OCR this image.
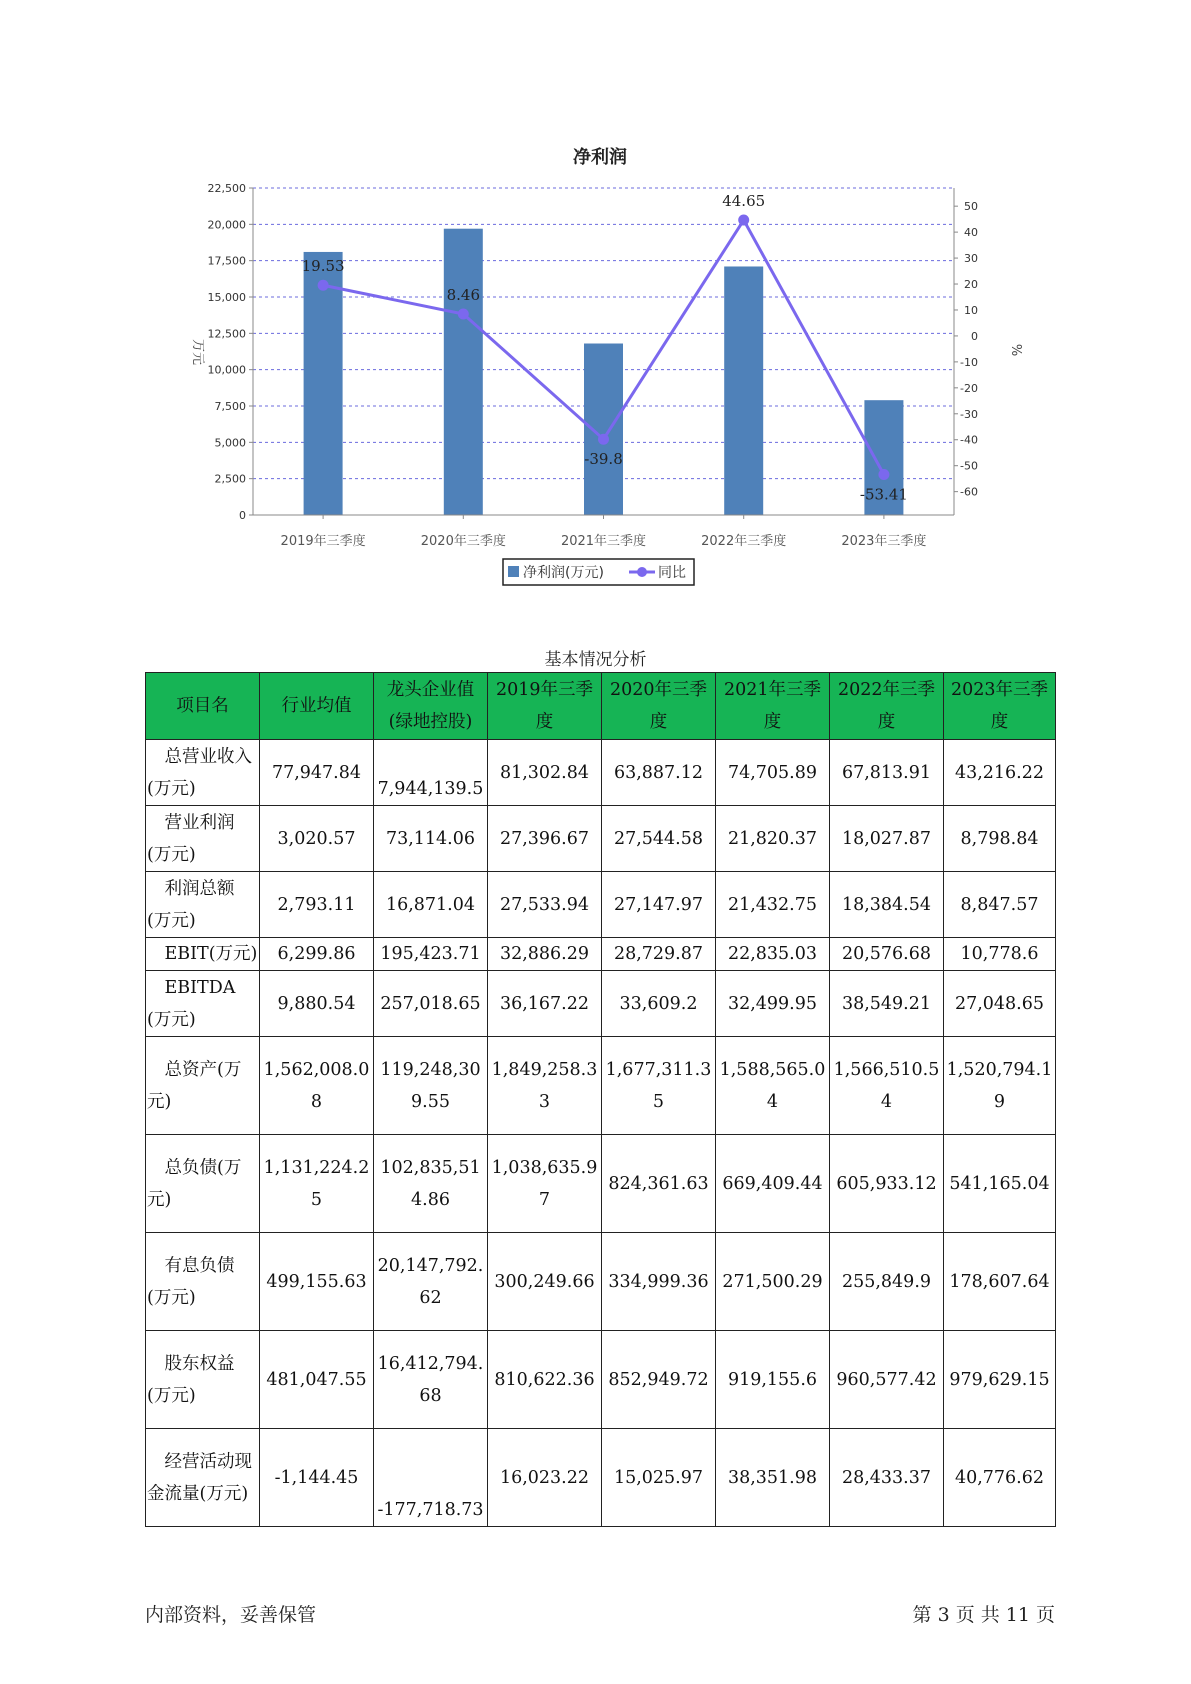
净利润
0
2,500
5,000
7,500
10,000
12,500
15,000
17,500
20,000
22,500
50
40
30
20
10
0
-10
-20
-30
-40
-50
-60
2019年三季度	2020年三季度	2021年三季度	2022年三季度	2023年三季度
万元	%
19.53
8.46
-39.8
44.65
-53.41
净利润(万元)	同比
基本情况分析
项目名	行业均值	龙头企业值(绿地控股)	2019年三季度	2020年三季度	2021年三季度	2022年三季度	2023年三季度
总营业收入(万元)	77,947.84	7,944,139.5	81,302.84	63,887.12	74,705.89	67,813.91	43,216.22
营业利润(万元)	3,020.57	73,114.06	27,396.67	27,544.58	21,820.37	18,027.87	8,798.84
利润总额(万元)	2,793.11	16,871.04	27,533.94	27,147.97	21,432.75	18,384.54	8,847.57
EBIT(万元)	6,299.86	195,423.71	32,886.29	28,729.87	22,835.03	20,576.68	10,778.6
EBITDA(万元)	9,880.54	257,018.65	36,167.22	33,609.2	32,499.95	38,549.21	27,048.65
总资产(万元)	1,562,008.08	119,248,309.55	1,849,258.33	1,677,311.35	1,588,565.04	1,566,510.54	1,520,794.19
总负债(万元)	1,131,224.25	102,835,514.86	1,038,635.97	824,361.63	669,409.44	605,933.12	541,165.04
有息负债(万元)	499,155.63	20,147,792.62	300,249.66	334,999.36	271,500.29	255,849.9	178,607.64
股东权益(万元)	481,047.55	16,412,794.68	810,622.36	852,949.72	919,155.6	960,577.42	979,629.15
经营活动现金流量(万元)	-1,144.45	-177,718.73	16,023.22	15,025.97	38,351.98	28,433.37	40,776.62
内部资料，妥善保管	第 3 页 共 11 页
